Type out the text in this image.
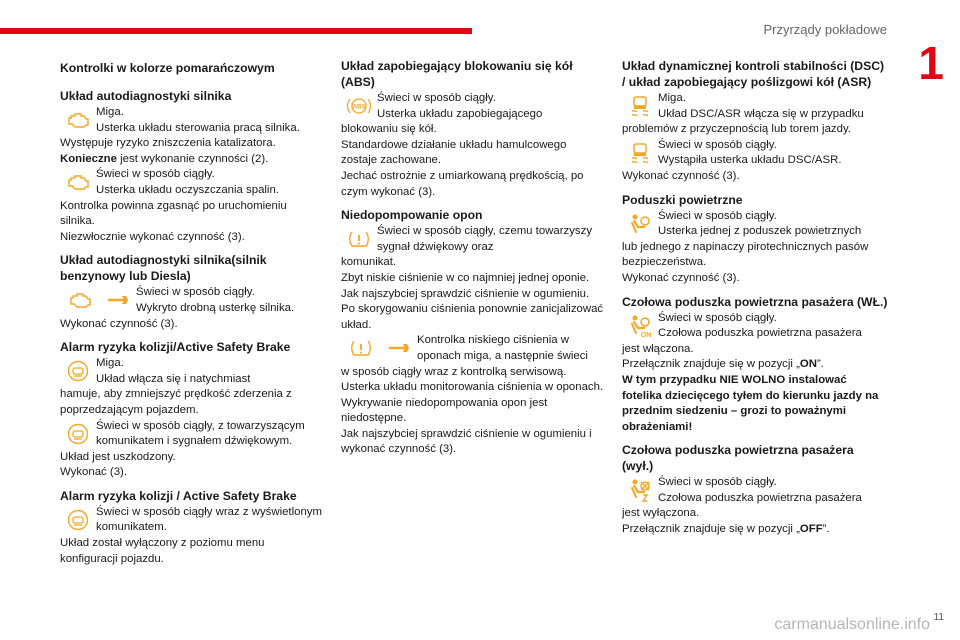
Przyrządy pokładowe
1
carmanualsonline.info 11
Kontrolki w kolorze pomarańczowym
Układ autodiagnostyki silnika

Miga.

Usterka układu sterowania pracą silnika.

Występuje ryzyko zniszczenia katalizatora.

Konieczne jest wykonanie czynności (2).

Świeci w sposób ciągły.

Usterka układu oczyszczania spalin.

Kontrolka powinna zgasnąć po uruchomieniu silnika.

Niezwłocznie wykonać czynność (3).

Układ autodiagnostyki silnika(silnik benzynowy lub Diesla)

Świeci w sposób ciągły.

Wykryto drobną usterkę silnika.

Wykonać czynność (3).

Alarm ryzyka kolizji/Active Safety Brake

Miga.

Układ włącza się i natychmiast

hamuje, aby zmniejszyć prędkość zderzenia z poprzedzającym pojazdem.

Świeci w sposób ciągły, z towarzyszącym komunikatem i sygnałem dźwiękowym.

Układ jest uszkodzony.

Wykonać (3).

Alarm ryzyka kolizji / Active Safety Brake

Świeci w sposób ciągły wraz z wyświetlonym komunikatem.

Układ został wyłączony z poziomu menu konfiguracji pojazdu.

Układ zapobiegający blokowaniu się kół (ABS)
ABS

Świeci w sposób ciągły.

Usterka układu zapobiegającego

blokowaniu się kół.

Standardowe działanie układu hamulcowego zostaje zachowane.

Jechać ostrożnie z umiarkowaną prędkością, po czym wykonać (3).

Niedopompowanie opon

Świeci w sposób ciągły, czemu towarzyszy sygnał dźwiękowy oraz

komunikat.

Zbyt niskie ciśnienie w co najmniej jednej oponie.

Jak najszybciej sprawdzić ciśnienie w ogumieniu.

Po skorygowaniu ciśnienia ponownie zanicjalizować układ.

Kontrolka niskiego ciśnienia w oponach miga, a następnie świeci

w sposób ciągły wraz z kontrolką serwisową.

Usterka układu monitorowania ciśnienia w oponach.

Wykrywanie niedopompowania opon jest niedostępne.

Jak najszybciej sprawdzić ciśnienie w ogumieniu i wykonać czynność (3).

Układ dynamicznej kontroli stabilności (DSC) / układ zapobiegający poślizgowi kół (ASR)

Miga.

Układ DSC/ASR włącza się w przypadku

problemów z przyczepnością lub torem jazdy.

Świeci w sposób ciągły.

Wystąpiła usterka układu DSC/ASR.

Wykonać czynność (3).

Poduszki powietrzne

Świeci w sposób ciągły.

Usterka jednej z poduszek powietrznych

lub jednego z napinaczy pirotechnicznych pasów bezpieczeństwa.

Wykonać czynność (3).

Czołowa poduszka powietrzna pasażera (WŁ.)
ON

Świeci w sposób ciągły.

Czołowa poduszka powietrzna pasażera

jest włączona.

Przełącznik znajduje się w pozycji „ON”.

W tym przypadku NIE WOLNO instalować fotelika dziecięcego tyłem do kierunku jazdy na przednim siedzeniu – grozi to poważnymi obrażeniami!

Czołowa poduszka powietrzna pasażera (wył.)

Świeci w sposób ciągły.

Czołowa poduszka powietrzna pasażera

jest wyłączona.

Przełącznik znajduje się w pozycji „OFF”.
